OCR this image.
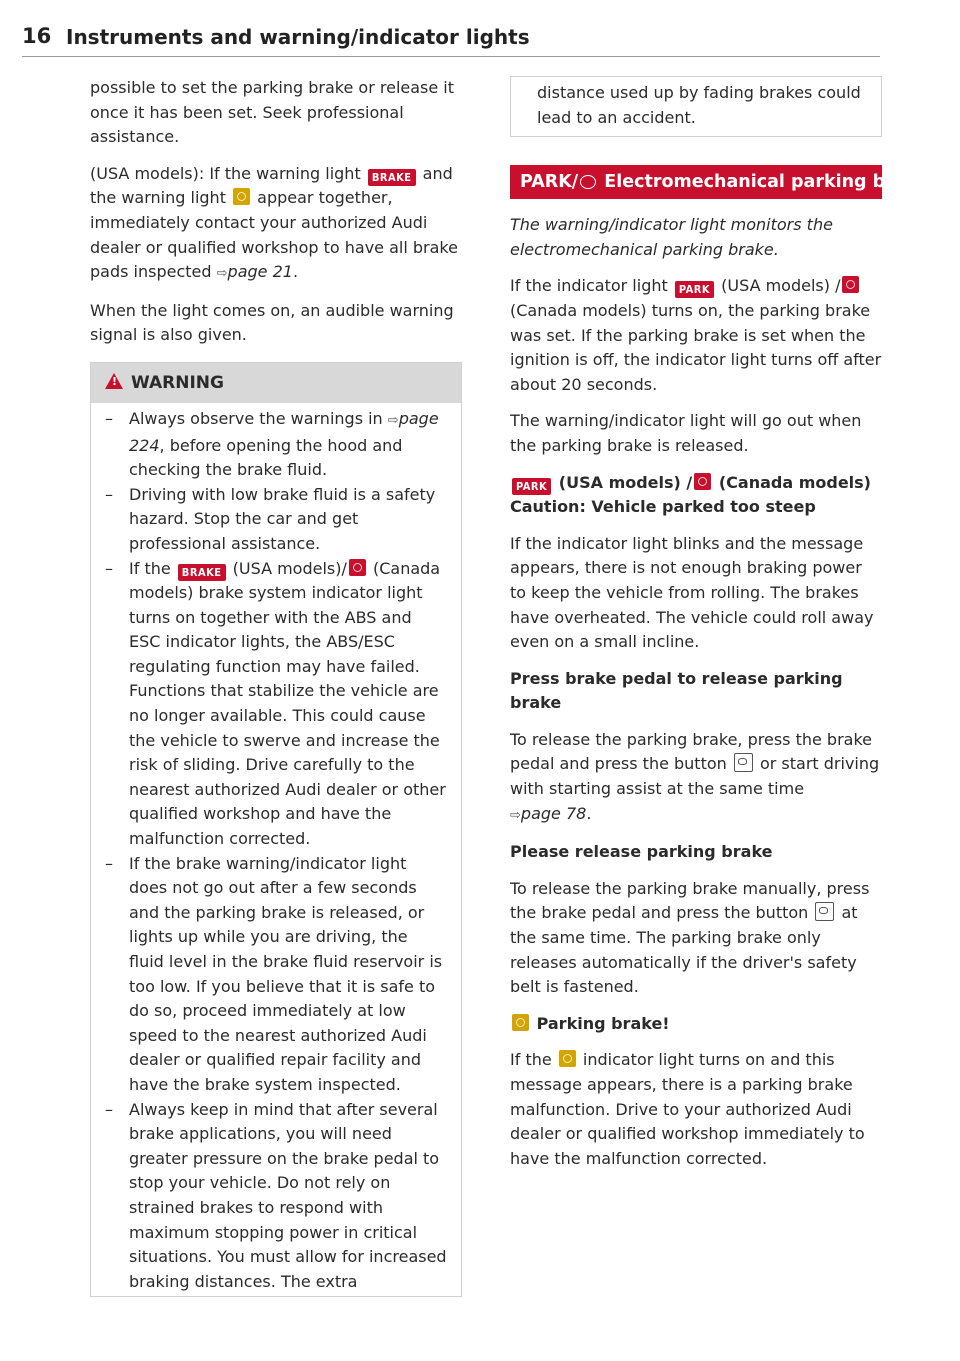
16 Instruments and warning/indicator lights

possible to set the parking brake or release it once it has been set. Seek professional assistance.

(USA models): If the warning light BRAKE and the warning light appear together, immediately contact your authorized Audi dealer or qualified workshop to have all brake pads inspected ⇨page 21.

When the light comes on, an audible warning signal is also given.

!WARNING
– Always observe the warnings in ⇨page 224, before opening the hood and checking the brake fluid.
– Driving with low brake fluid is a safety hazard. Stop the car and get professional assistance.
– If the BRAKE (USA models)/ (Canada models) brake system indicator light turns on together with the ABS and ESC indicator lights, the ABS/ESC regulating function may have failed. Functions that stabilize the vehicle are no longer available. This could cause the vehicle to swerve and increase the risk of sliding. Drive carefully to the nearest authorized Audi dealer or other qualified workshop and have the malfunction corrected.
– If the brake warning/indicator light does not go out after a few seconds and the parking brake is released, or lights up while you are driving, the fluid level in the brake fluid reservoir is too low. If you believe that it is safe to do so, proceed immediately at low speed to the nearest authorized Audi dealer or qualified repair facility and have the brake system inspected.
– Always keep in mind that after several brake applications, you will need greater pressure on the brake pedal to stop your vehicle. Do not rely on strained brakes to respond with maximum stopping power in critical situations. You must allow for increased braking distances. The extra
distance used up by fading brakes could lead to an accident.
PARK/ Electromechanical parking brake

The warning/indicator light monitors the electromechanical parking brake.

If the indicator light PARK (USA models) / (Canada models) turns on, the parking brake was set. If the parking brake is set when the ignition is off, the indicator light turns off after about 20 seconds.

The warning/indicator light will go out when the parking brake is released.

PARK (USA models) / (Canada models)
Caution: Vehicle parked too steep

If the indicator light blinks and the message appears, there is not enough braking power to keep the vehicle from rolling. The brakes have overheated. The vehicle could roll away even on a small incline.

Press brake pedal to release parking brake

To release the parking brake, press the brake pedal and press the button or start driving with starting assist at the same time
⇨page 78.

Please release parking brake

To release the parking brake manually, press the brake pedal and press the button at the same time. The parking brake only releases automatically if the driver's safety belt is fastened.

Parking brake!

If the indicator light turns on and this message appears, there is a parking brake malfunction. Drive to your authorized Audi dealer or qualified workshop immediately to have the malfunction corrected.
